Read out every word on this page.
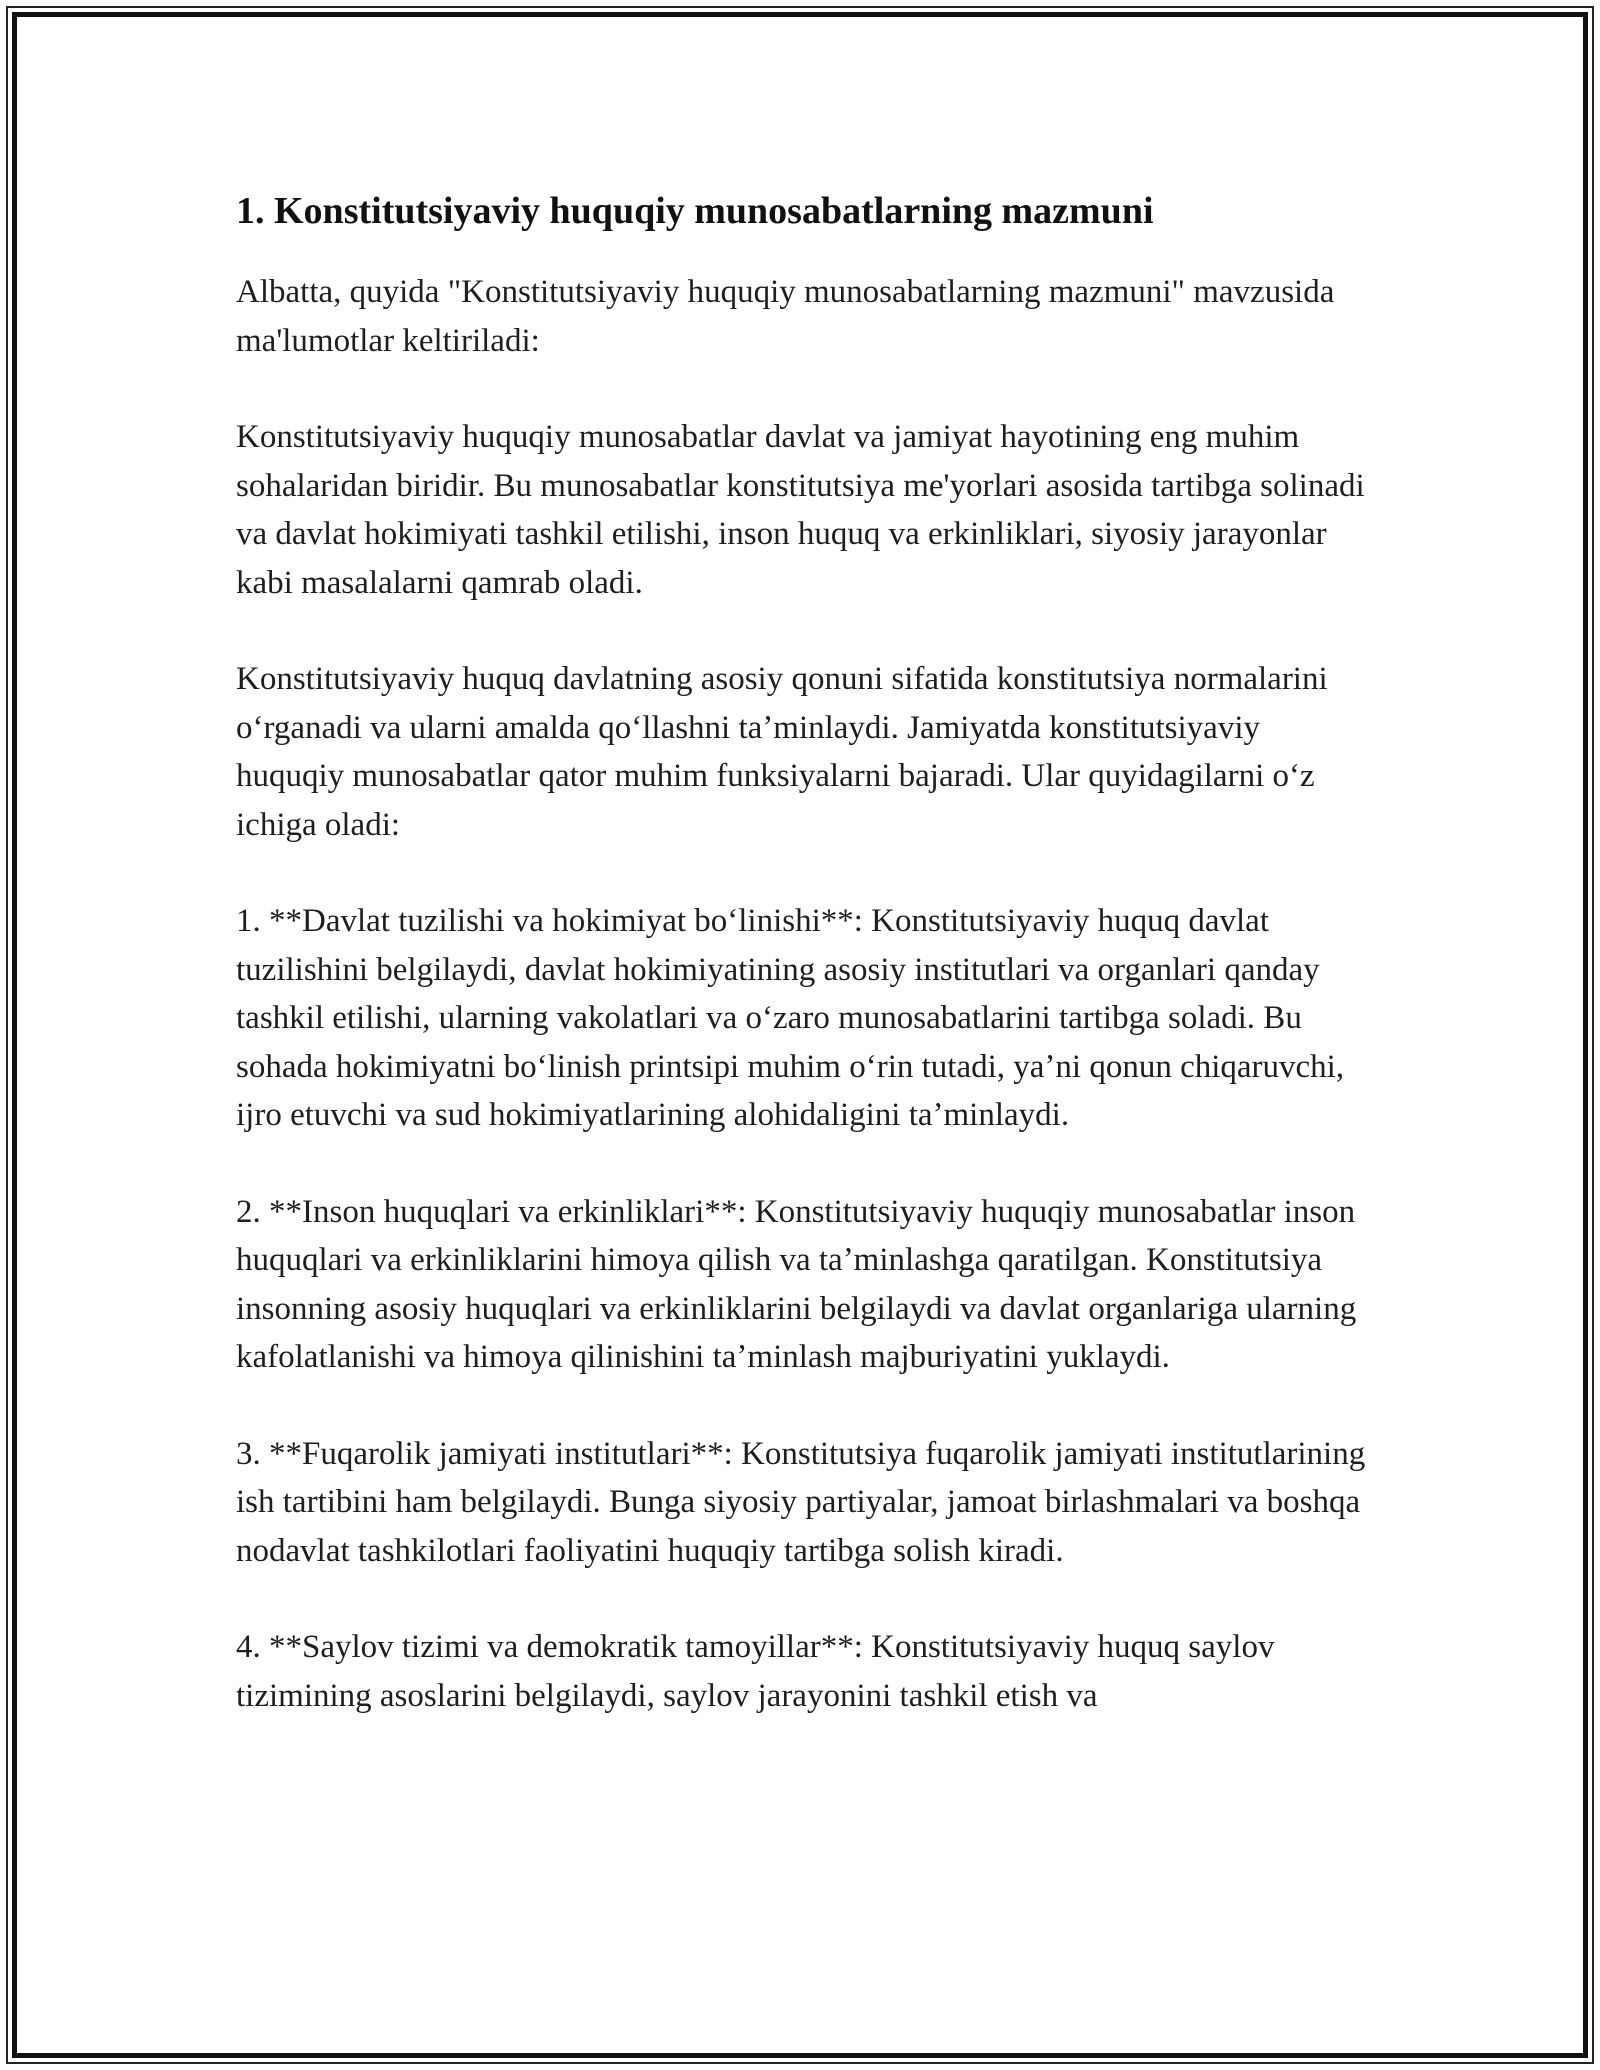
1. Konstitutsiyaviy huquqiy munosabatlarning mazmuni

Albatta, quyida "Konstitutsiyaviy huquqiy munosabatlarning mazmuni" mavzusida ma'lumotlar keltiriladi:

Konstitutsiyaviy huquqiy munosabatlar davlat va jamiyat hayotining eng muhim sohalaridan biridir. Bu munosabatlar konstitutsiya me'yorlari asosida tartibga solinadi va davlat hokimiyati tashkil etilishi, inson huquq va erkinliklari, siyosiy jarayonlar kabi masalalarni qamrab oladi.

Konstitutsiyaviy huquq davlatning asosiy qonuni sifatida konstitutsiya normalarini oʻrganadi va ularni amalda qoʻllashni taʼminlaydi. Jamiyatda konstitutsiyaviy huquqiy munosabatlar qator muhim funksiyalarni bajaradi. Ular quyidagilarni oʻz ichiga oladi:

1. **Davlat tuzilishi va hokimiyat boʻlinishi**: Konstitutsiyaviy huquq davlat tuzilishini belgilaydi, davlat hokimiyatining asosiy institutlari va organlari qanday tashkil etilishi, ularning vakolatlari va oʻzaro munosabatlarini tartibga soladi. Bu sohada hokimiyatni boʻlinish printsipi muhim oʻrin tutadi, yaʼni qonun chiqaruvchi, ijro etuvchi va sud hokimiyatlarining alohidaligini taʼminlaydi.

2. **Inson huquqlari va erkinliklari**: Konstitutsiyaviy huquqiy munosabatlar inson huquqlari va erkinliklarini himoya qilish va taʼminlashga qaratilgan. Konstitutsiya insonning asosiy huquqlari va erkinliklarini belgilaydi va davlat organlariga ularning kafolatlanishi va himoya qilinishini taʼminlash majburiyatini yuklaydi.

3. **Fuqarolik jamiyati institutlari**: Konstitutsiya fuqarolik jamiyati institutlarining ish tartibini ham belgilaydi. Bunga siyosiy partiyalar, jamoat birlashmalari va boshqa nodavlat tashkilotlari faoliyatini huquqiy tartibga solish kiradi.

4. **Saylov tizimi va demokratik tamoyillar**: Konstitutsiyaviy huquq saylov tizimining asoslarini belgilaydi, saylov jarayonini tashkil etish va
